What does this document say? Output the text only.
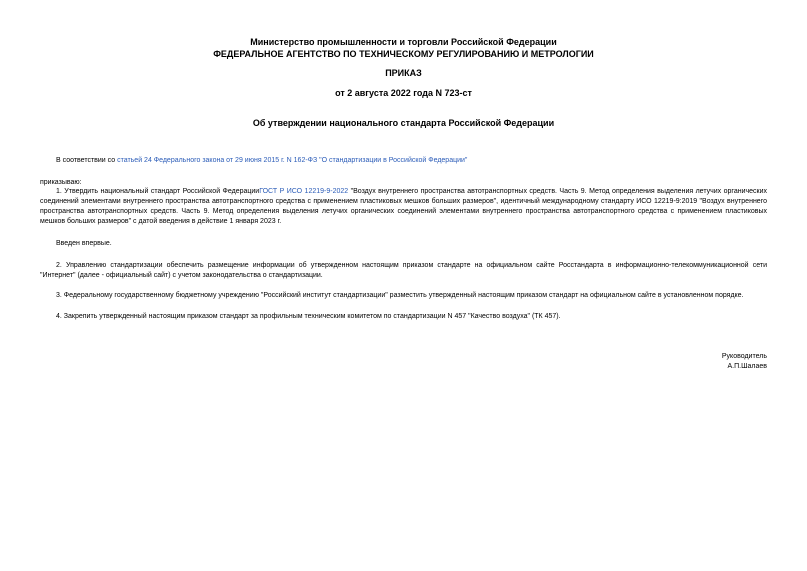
Министерство промышленности и торговли Российской Федерации
ФЕДЕРАЛЬНОЕ АГЕНТСТВО ПО ТЕХНИЧЕСКОМУ РЕГУЛИРОВАНИЮ И МЕТРОЛОГИИ
ПРИКАЗ
от 2 августа 2022 года N 723-ст
Об утверждении национального стандарта Российской Федерации
В соответствии со статьей 24 Федерального закона от 29 июня 2015 г. N 162-ФЗ "О стандартизации в Российской Федерации"
приказываю:
1. Утвердить национальный стандарт Российской ФедерацииГОСТ Р ИСО 12219-9-2022 "Воздух внутреннего пространства автотранспортных средств. Часть 9. Метод определения выделения летучих органических соединений элементами внутреннего пространства автотранспортного средства с применением пластиковых мешков больших размеров", идентичный международному стандарту ИСО 12219-9:2019 "Воздух внутреннего пространства автотранспортных средств. Часть 9. Метод определения выделения летучих органических соединений элементами внутреннего пространства автотранспортного средства с применением пластиковых мешков больших размеров" с датой введения в действие 1 января 2023 г.
Введен впервые.
2. Управлению стандартизации обеспечить размещение информации об утвержденном настоящим приказом стандарте на официальном сайте Росстандарта в информационно-телекоммуникационной сети "Интернет" (далее - официальный сайт) с учетом законодательства о стандартизации.
3. Федеральному государственному бюджетному учреждению "Российский институт стандартизации" разместить утвержденный настоящим приказом стандарт на официальном сайте в установленном порядке.
4. Закрепить утвержденный настоящим приказом стандарт за профильным техническим комитетом по стандартизации N 457 "Качество воздуха" (ТК 457).
Руководитель
А.П.Шалаев
